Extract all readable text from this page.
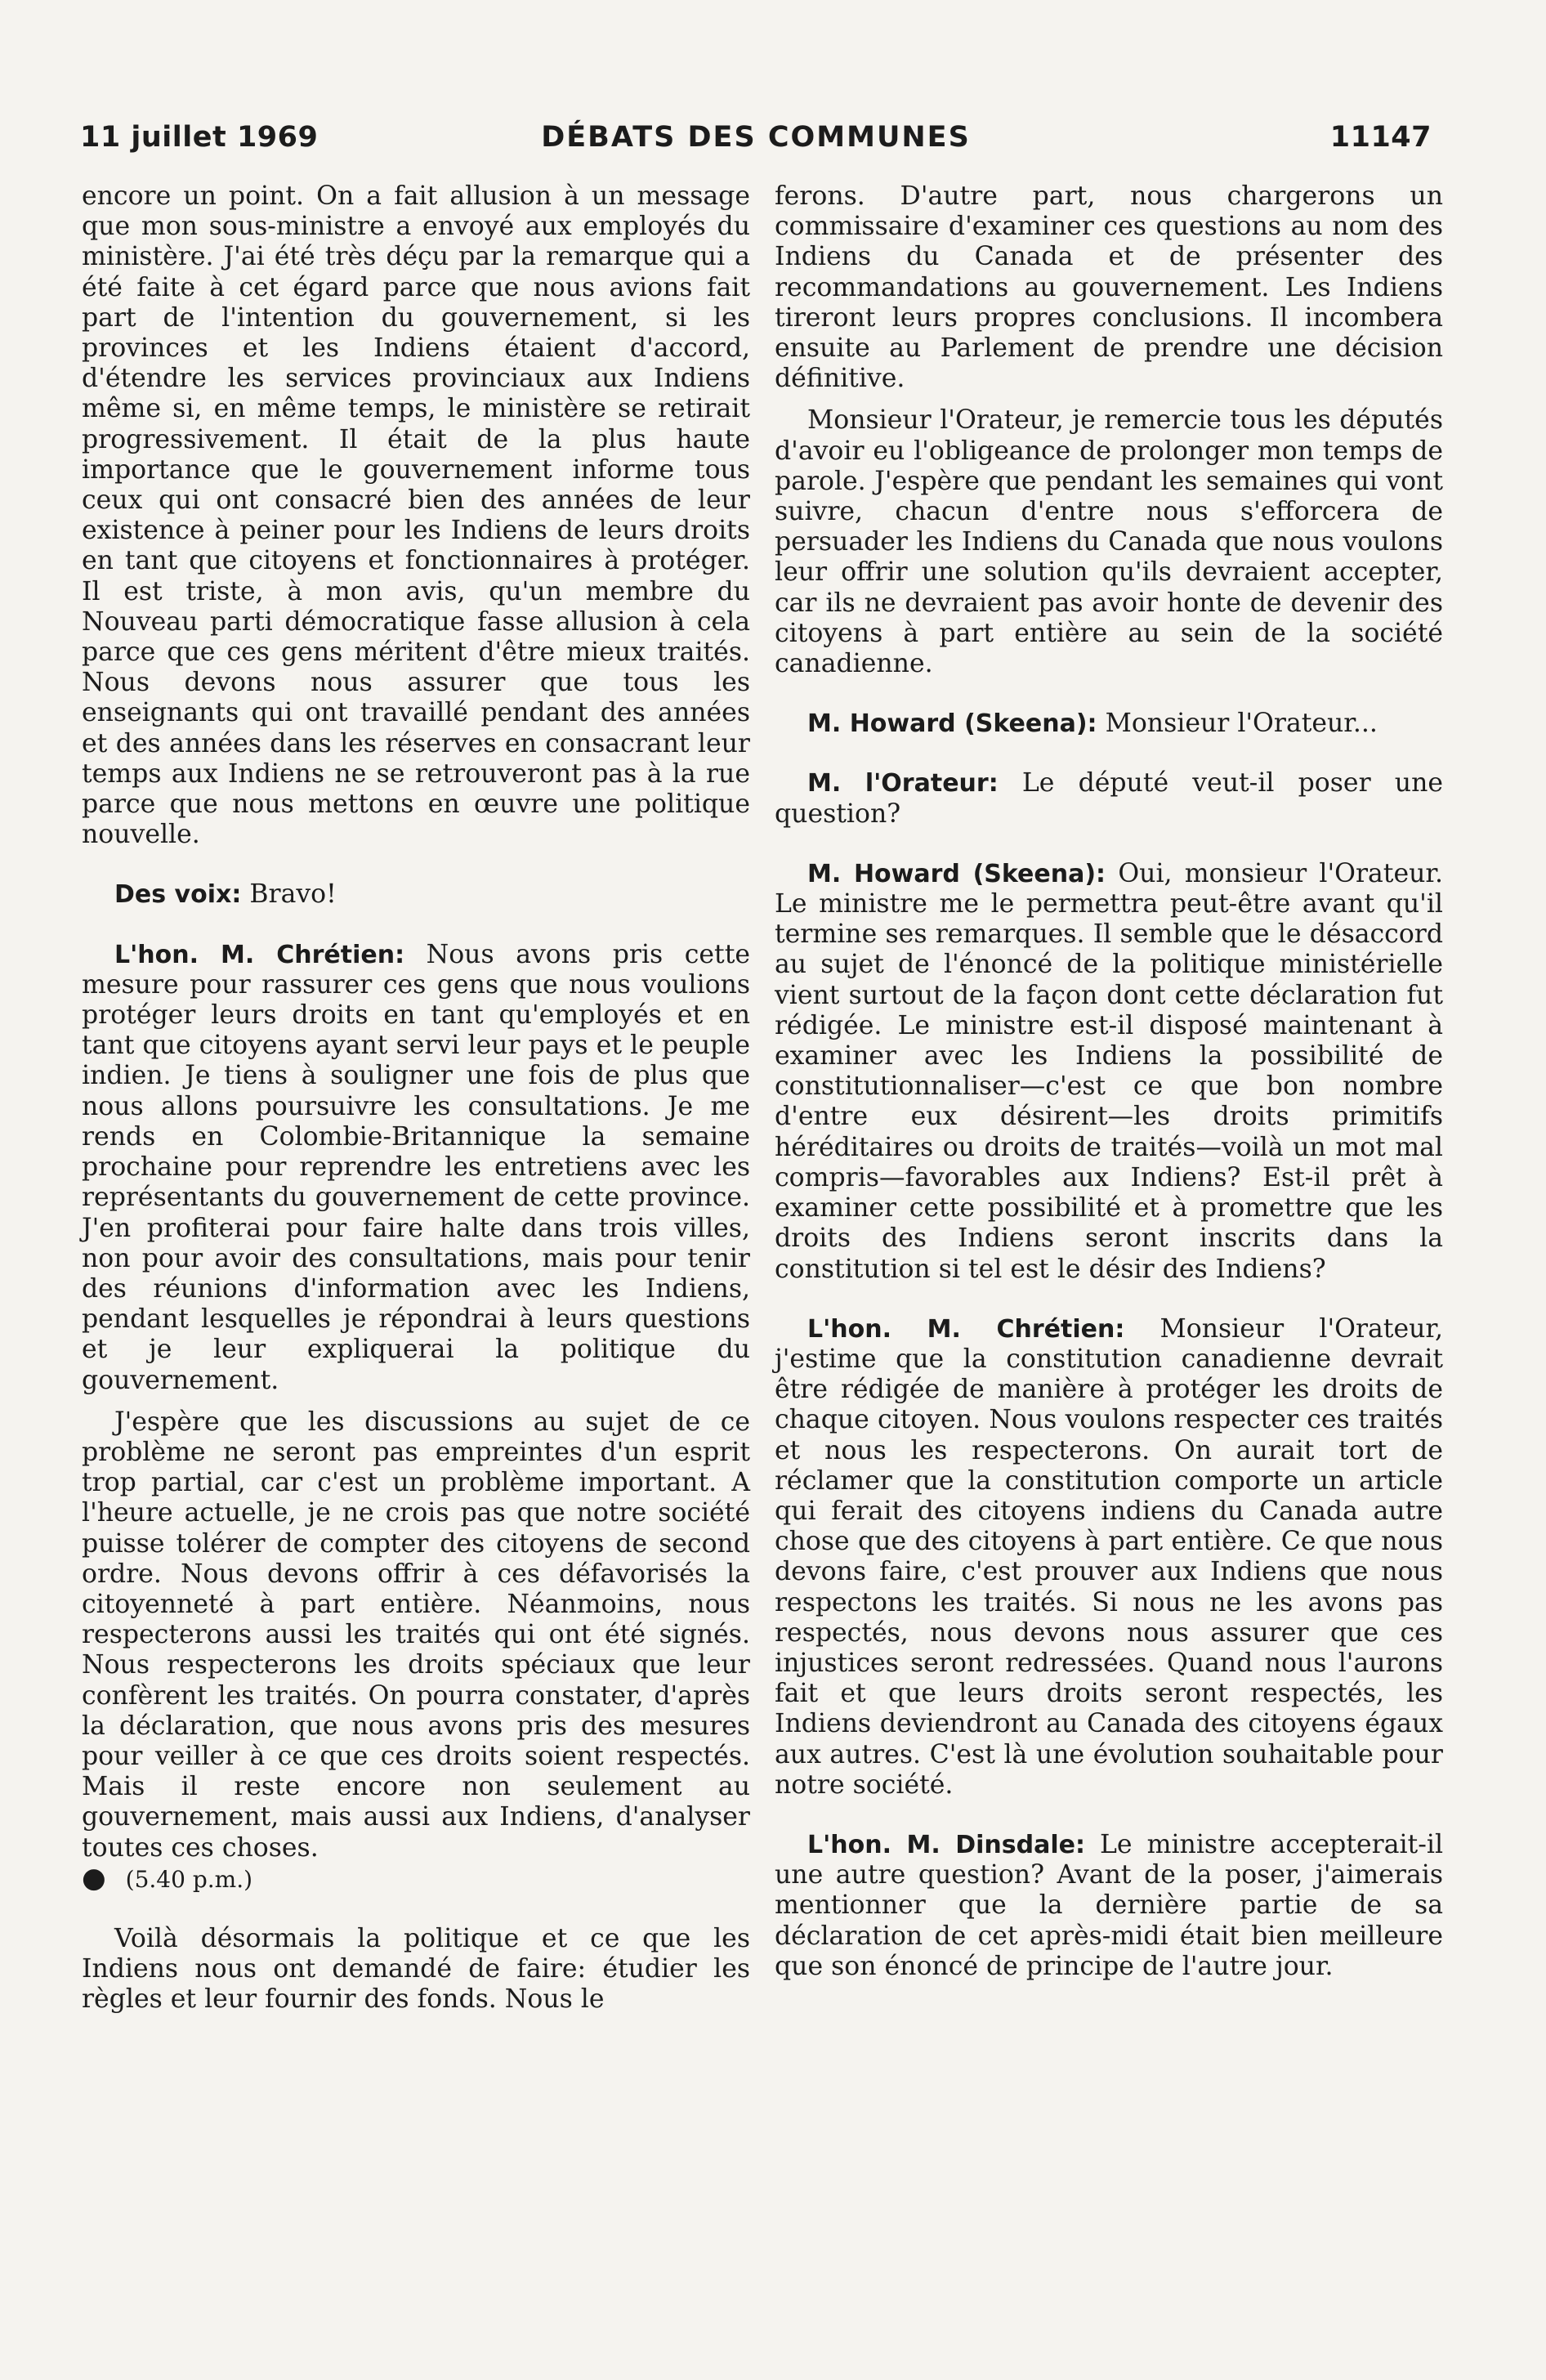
11 juillet 1969	DÉBATS DES COMMUNES	11147

encore un point. On a fait allusion à un message que mon sous-ministre a envoyé aux employés du ministère. J'ai été très déçu par la remarque qui a été faite à cet égard parce que nous avions fait part de l'intention du gouvernement, si les provinces et les Indiens étaient d'accord, d'étendre les services provinciaux aux Indiens même si, en même temps, le ministère se retirait progressivement. Il était de la plus haute importance que le gouvernement informe tous ceux qui ont consacré bien des années de leur existence à peiner pour les Indiens de leurs droits en tant que citoyens et fonctionnaires à protéger. Il est triste, à mon avis, qu'un membre du Nouveau parti démocratique fasse allusion à cela parce que ces gens méritent d'être mieux traités. Nous devons nous assurer que tous les enseignants qui ont travaillé pendant des années et des années dans les réserves en consacrant leur temps aux Indiens ne se retrouveront pas à la rue parce que nous mettons en œuvre une politique nouvelle.

Des voix: Bravo!

L'hon. M. Chrétien: Nous avons pris cette mesure pour rassurer ces gens que nous voulions protéger leurs droits en tant qu'employés et en tant que citoyens ayant servi leur pays et le peuple indien. Je tiens à souligner une fois de plus que nous allons poursuivre les consultations. Je me rends en Colombie-Britannique la semaine prochaine pour reprendre les entretiens avec les représentants du gouvernement de cette province. J'en profiterai pour faire halte dans trois villes, non pour avoir des consultations, mais pour tenir des réunions d'information avec les Indiens, pendant lesquelles je répondrai à leurs questions et je leur expliquerai la politique du gouvernement.

J'espère que les discussions au sujet de ce problème ne seront pas empreintes d'un esprit trop partial, car c'est un problème important. A l'heure actuelle, je ne crois pas que notre société puisse tolérer de compter des citoyens de second ordre. Nous devons offrir à ces défavorisés la citoyenneté à part entière. Néanmoins, nous respecterons aussi les traités qui ont été signés. Nous respecterons les droits spéciaux que leur confèrent les traités. On pourra constater, d'après la déclaration, que nous avons pris des mesures pour veiller à ce que ces droits soient respectés. Mais il reste encore non seulement au gouvernement, mais aussi aux Indiens, d'analyser toutes ces choses.

● (5.40 p.m.)

Voilà désormais la politique et ce que les Indiens nous ont demandé de faire: étudier les règles et leur fournir des fonds. Nous le

ferons. D'autre part, nous chargerons un commissaire d'examiner ces questions au nom des Indiens du Canada et de présenter des recommandations au gouvernement. Les Indiens tireront leurs propres conclusions. Il incombera ensuite au Parlement de prendre une décision définitive.

Monsieur l'Orateur, je remercie tous les députés d'avoir eu l'obligeance de prolonger mon temps de parole. J'espère que pendant les semaines qui vont suivre, chacun d'entre nous s'efforcera de persuader les Indiens du Canada que nous voulons leur offrir une solution qu'ils devraient accepter, car ils ne devraient pas avoir honte de devenir des citoyens à part entière au sein de la société canadienne.

M. Howard (Skeena): Monsieur l'Orateur...

M. l'Orateur: Le député veut-il poser une question?

M. Howard (Skeena): Oui, monsieur l'Orateur. Le ministre me le permettra peut-être avant qu'il termine ses remarques. Il semble que le désaccord au sujet de l'énoncé de la politique ministérielle vient surtout de la façon dont cette déclaration fut rédigée. Le ministre est-il disposé maintenant à examiner avec les Indiens la possibilité de constitutionnaliser—c'est ce que bon nombre d'entre eux désirent—les droits primitifs héréditaires ou droits de traités—voilà un mot mal compris—favorables aux Indiens? Est-il prêt à examiner cette possibilité et à promettre que les droits des Indiens seront inscrits dans la constitution si tel est le désir des Indiens?

L'hon. M. Chrétien: Monsieur l'Orateur, j'estime que la constitution canadienne devrait être rédigée de manière à protéger les droits de chaque citoyen. Nous voulons respecter ces traités et nous les respecterons. On aurait tort de réclamer que la constitution comporte un article qui ferait des citoyens indiens du Canada autre chose que des citoyens à part entière. Ce que nous devons faire, c'est prouver aux Indiens que nous respectons les traités. Si nous ne les avons pas respectés, nous devons nous assurer que ces injustices seront redressées. Quand nous l'aurons fait et que leurs droits seront respectés, les Indiens deviendront au Canada des citoyens égaux aux autres. C'est là une évolution souhaitable pour notre société.

L'hon. M. Dinsdale: Le ministre accepterait-il une autre question? Avant de la poser, j'aimerais mentionner que la dernière partie de sa déclaration de cet après-midi était bien meilleure que son énoncé de principe de l'autre jour.
